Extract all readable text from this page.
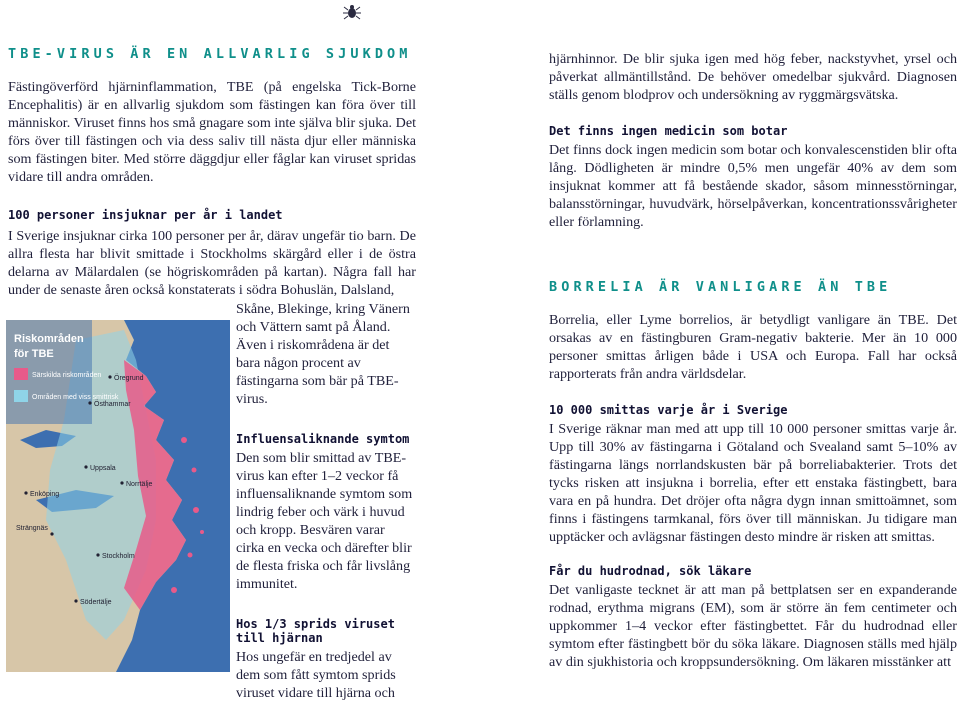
TBE-VIRUS ÄR EN ALLVARLIG SJUKDOM

Fästingöverförd hjärninflammation, TBE (på engelska Tick-Borne Encephalitis) är en allvarlig sjukdom som fästingen kan föra över till människor. Viruset finns hos små gnagare som inte själva blir sjuka. Det förs över till fästingen och via dess saliv till nästa djur eller människa som fästingen biter. Med större däggdjur eller fåglar kan viruset spridas vidare till andra områden.

100 personer insjuknar per år i landet

I Sverige insjuknar cirka 100 personer per år, därav ungefär tio barn. De allra flesta har blivit smittade i Stockholms skärgård eller i de östra delarna av Mälardalen (se högriskområden på kartan). Några fall har under de senaste åren också konstaterats i södra Bohuslän, Dalsland,

Riskområden
för TBE
Särskilda riskområden
Områden med viss smittrisk
Öregrund
Östhammar
Uppsala
Norrtälje
Enköping
Strängnäs
Stockholm
Södertälje

Skåne, Blekinge, kring Vänern och Vättern samt på Åland. Även i riskområdena är det bara någon procent av fästingarna som bär på TBE-virus.

Influensaliknande symtom

Den som blir smittad av TBE-virus kan efter 1–2 veckor få influensaliknande symtom som lindrig feber och värk i huvud och kropp. Besvären varar cirka en vecka och därefter blir de flesta friska och får livslång immunitet.

Hos 1/3 sprids viruset till hjärnan

Hos ungefär en tredjedel av dem som fått symtom sprids viruset vidare till hjärna och

hjärnhinnor. De blir sjuka igen med hög feber, nackstyvhet, yrsel och påverkat allmäntillstånd. De behöver omedelbar sjukvård. Diagnosen ställs genom blodprov och undersökning av ryggmärgsvätska.

Det finns ingen medicin som botar

Det finns dock ingen medicin som botar och konvalescenstiden blir ofta lång. Dödligheten är mindre 0,5% men ungefär 40% av dem som insjuknat kommer att få bestående skador, såsom minnesstörningar, balansstörningar, huvudvärk, hörselpåverkan, koncentrationssvårigheter eller förlamning.

BORRELIA ÄR VANLIGARE ÄN TBE

Borrelia, eller Lyme borrelios, är betydligt vanligare än TBE. Det orsakas av en fästingburen Gram-negativ bakterie. Mer än 10 000 personer smittas årligen både i USA och Europa. Fall har också rapporterats från andra världsdelar.

10 000 smittas varje år i Sverige

I Sverige räknar man med att upp till 10 000 personer smittas varje år. Upp till 30% av fästingarna i Götaland och Svealand samt 5–10% av fästingarna längs norrlandskusten bär på borreliabakterier. Trots det tycks risken att insjukna i borrelia, efter ett enstaka fästingbett, bara vara en på hundra. Det dröjer ofta några dygn innan smittoämnet, som finns i fästingens tarmkanal, förs över till människan. Ju tidigare man upptäcker och avlägsnar fästingen desto mindre är risken att smittas.

Får du hudrodnad, sök läkare

Det vanligaste tecknet är att man på bettplatsen ser en expanderande rodnad, erythma migrans (EM), som är större än fem centimeter och uppkommer 1–4 veckor efter fästingbettet. Får du hudrodnad eller symtom efter fästingbett bör du söka läkare. Diagnosen ställs med hjälp av din sjukhistoria och kroppsundersökning. Om läkaren misstänker att
